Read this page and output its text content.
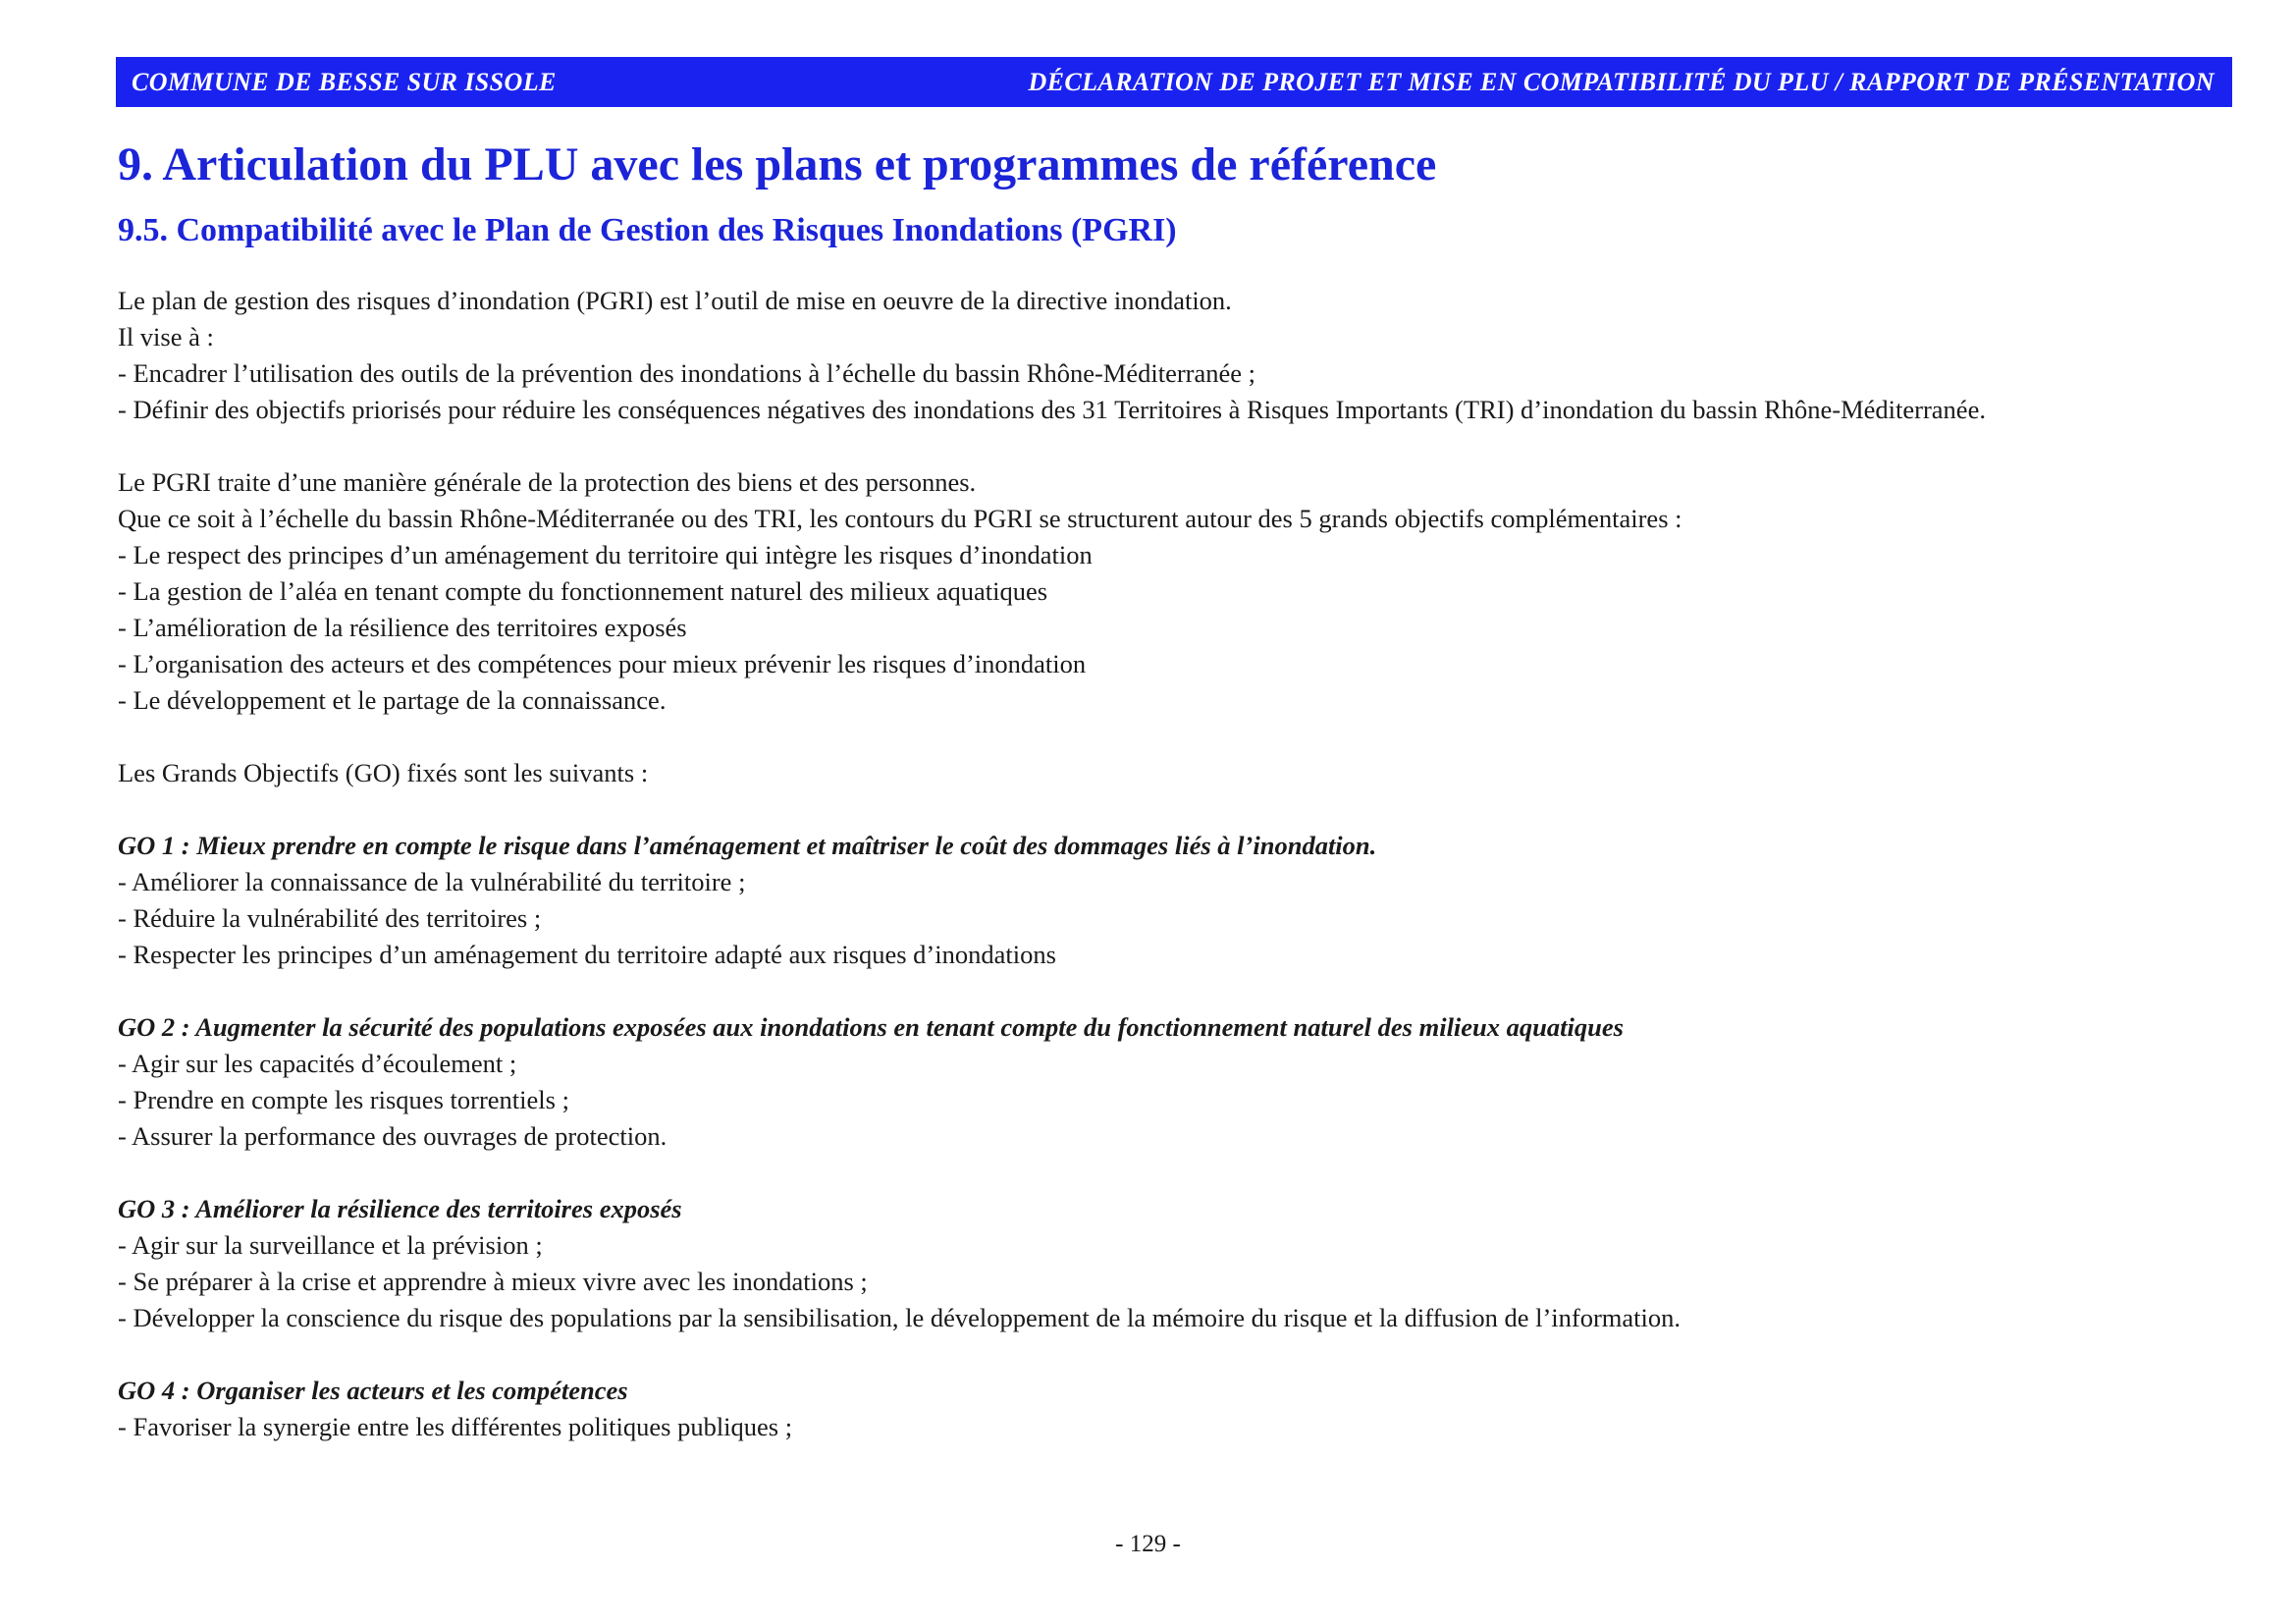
COMMUNE DE BESSE SUR ISSOLE	DÉCLARATION DE PROJET ET MISE EN COMPATIBILITÉ DU PLU / RAPPORT DE PRÉSENTATION
9. Articulation du PLU avec les plans et programmes de référence
9.5. Compatibilité avec le Plan de Gestion des Risques Inondations (PGRI)

Le plan de gestion des risques d’inondation (PGRI) est l’outil de mise en oeuvre de la directive inondation.

Il vise à :

- Encadrer l’utilisation des outils de la prévention des inondations à l’échelle du bassin Rhône-Méditerranée ;

- Définir des objectifs priorisés pour réduire les conséquences négatives des inondations des 31 Territoires à Risques Importants (TRI) d’inondation du bassin Rhône-Méditerranée.

Le PGRI traite d’une manière générale de la protection des biens et des personnes.

Que ce soit à l’échelle du bassin Rhône-Méditerranée ou des TRI, les contours du PGRI se structurent autour des 5 grands objectifs complémentaires :

- Le respect des principes d’un aménagement du territoire qui intègre les risques d’inondation

- La gestion de l’aléa en tenant compte du fonctionnement naturel des milieux aquatiques

- L’amélioration de la résilience des territoires exposés

- L’organisation des acteurs et des compétences pour mieux prévenir les risques d’inondation

- Le développement et le partage de la connaissance.

Les Grands Objectifs (GO) fixés sont les suivants :

GO 1 : Mieux prendre en compte le risque dans l’aménagement et maîtriser le coût des dommages liés à l’inondation.

- Améliorer la connaissance de la vulnérabilité du territoire ;

- Réduire la vulnérabilité des territoires ;

- Respecter les principes d’un aménagement du territoire adapté aux risques d’inondations

GO 2 : Augmenter la sécurité des populations exposées aux inondations en tenant compte du fonctionnement naturel des milieux aquatiques

- Agir sur les capacités d’écoulement ;

- Prendre en compte les risques torrentiels ;

- Assurer la performance des ouvrages de protection.

GO 3 : Améliorer la résilience des territoires exposés

- Agir sur la surveillance et la prévision ;

- Se préparer à la crise et apprendre à mieux vivre avec les inondations ;

- Développer la conscience du risque des populations par la sensibilisation, le développement de la mémoire du risque et la diffusion de l’information.

GO 4 : Organiser les acteurs et les compétences

- Favoriser la synergie entre les différentes politiques publiques ;

- 129 -
